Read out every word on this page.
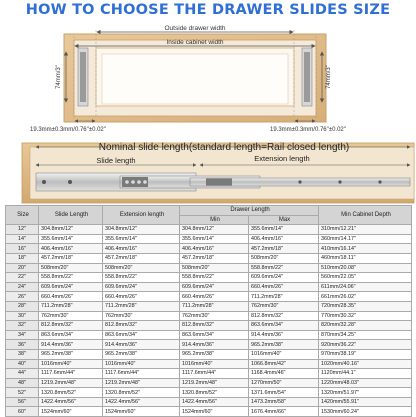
HOW TO CHOOSE THE DRAWER SLIDES SIZE
Outside drawer width
Inside cabinet width
74mm/3"	74mm/3"
19.3mm±0.3mm/0.76"±0.02"	19.3mm±0.3mm/0.76"±0.02"
Nominal slide length(standard length=Rail closed length)
Slide length	Extension length
Size	Slide Length	Extension length	Drawer Length		Min Cabinet Depth
			Min	Max	
12"	304.8mm/12"	304.8mm/12"	304.8mm/12"	355.6mm/14"	310mm/12.21"
14"	355.6mm/14"	355.6mm/14"	355.6mm/14"	406.4mm/16"	360mm/14.17"
16"	406.4mm/16"	406.4mm/16"	406.4mm/16"	457.2mm/18"	410mm/16.14"
18"	457.2mm/18"	457.2mm/18"	457.2mm/18"	508mm/20"	460mm/18.11"
20"	508mm/20"	508mm/20"	508mm/20"	558.8mm/22"	510mm/20.08"
22"	558.8mm/22"	558.8mm/22"	558.8mm/22"	609.6mm/24"	560mm/22.05"
24"	609.6mm/24"	609.6mm/24"	609.6mm/24"	660.4mm/26"	611mm/24.06"
26"	660.4mm/26"	660.4mm/26"	660.4mm/26"	711.2mm/28"	661mm/26.02"
28"	711.2mm/28"	711.2mm/28"	711.2mm/28"	762mm/30"	720mm/28.35"
30"	762mm/30"	762mm/30"	762mm/30"	812.8mm/32"	770mm/30.32"
32"	812.8mm/32"	812.8mm/32"	812.8mm/32"	863.6mm/34"	820mm/32.28"
34"	863.6mm/34"	863.6mm/34"	863.6mm/34"	914.4mm/36"	870mm/34.25"
36"	914.4mm/36"	914.4mm/36"	914.4mm/36"	965.2mm/38"	920mm/36.22"
38"	965.2mm/38"	965.2mm/38"	965.2mm/38"	1016mm/40"	970mm/38.19"
40"	1016mm/40"	1016mm/40"	1016mm/40"	1066.8mm/42"	1020mm/40.16"
44"	1117.6mm/44"	1117.6mm/44"	1117.6mm/44"	1168.4mm/46"	1120mm/44.1"
48"	1219.2mm/48"	1219.2mm/48"	1219.2mm/48"	1270mm/50"	1220mm/48.03"
52"	1320.8mm/52"	1320.8mm/52"	1320.8mm/52"	1371.6mm/54"	1320mm/51.97"
56"	1422.4mm/56"	1422.4mm/56"	1422.4mm/56"	1473.2mm/58"	1420mm/55.91"
60"	1524mm/60"	1524mm/60"	1524mm/60"	1676.4mm/66"	1530mm/60.24"
